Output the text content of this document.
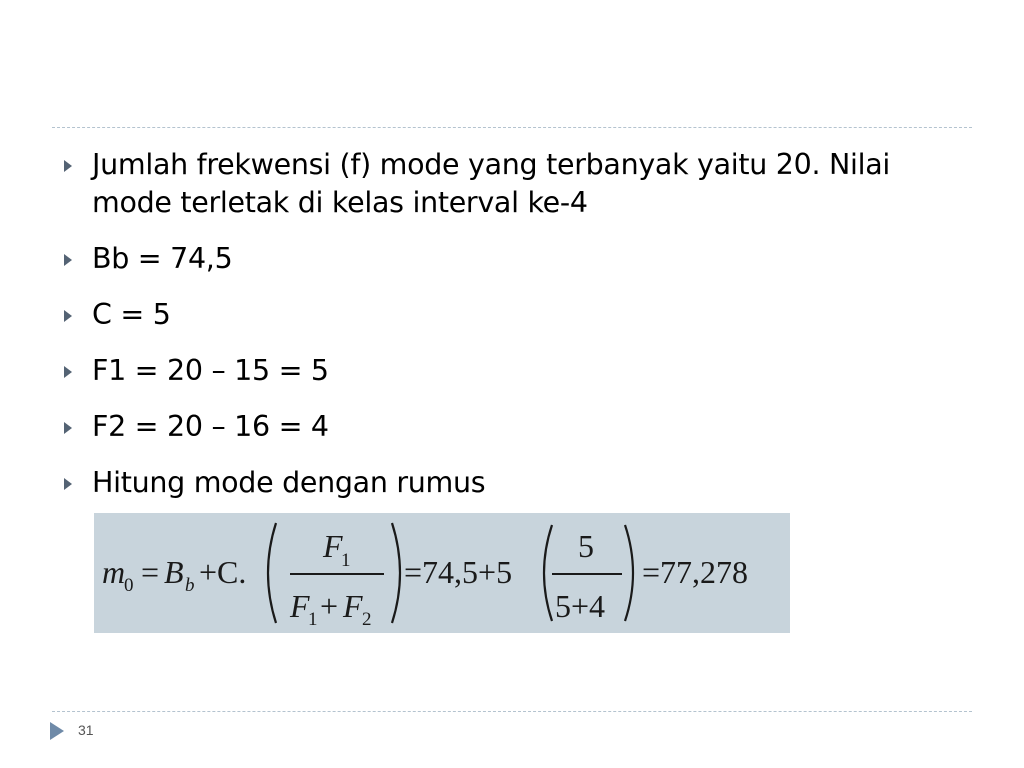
Jumlah frekwensi (f) mode yang terbanyak yaitu 20. Nilai mode terletak di kelas interval ke-4
Bb = 74,5
C = 5
F1 = 20 – 15 = 5
F2 = 20 – 16 = 4
Hitung mode dengan rumus
m
0 = B b +C.
F
1
F
1 + F 2
=74,5+5
5
5+4
=77,278
31
